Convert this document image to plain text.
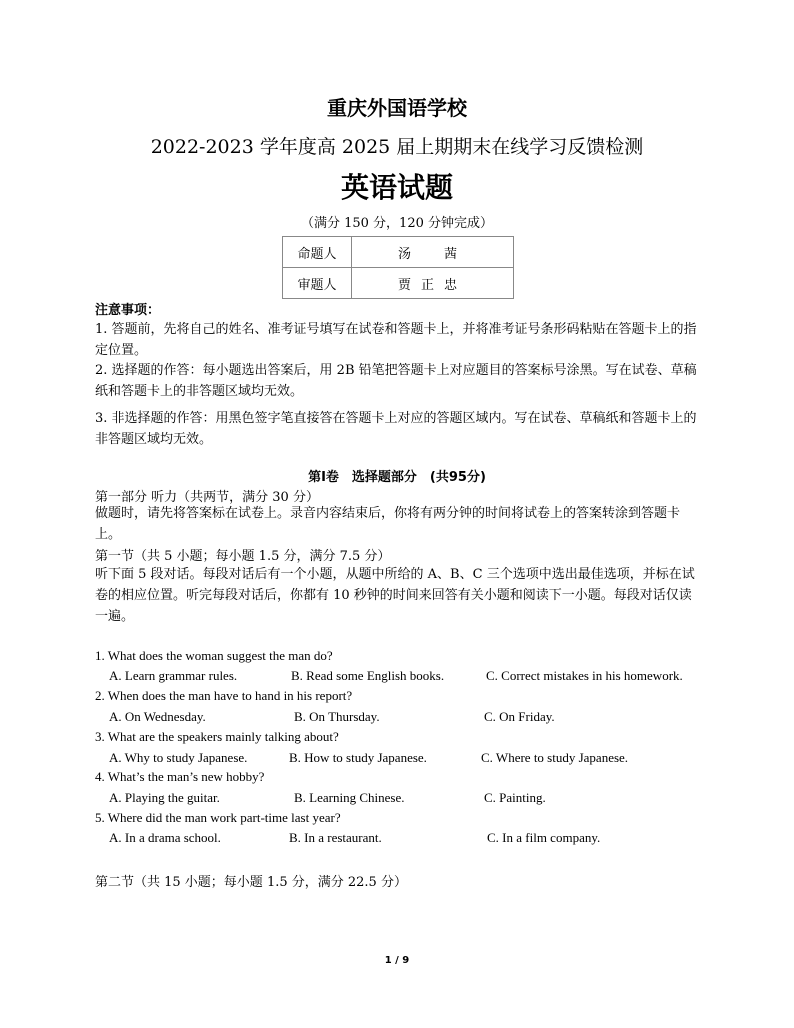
重庆外国语学校
2022-2023 学年度高 2025 届上期期末在线学习反馈检测
英语试题
（满分 150 分，120 分钟完成）
命题人	汤　茜
审题人	贾正忠
注意事项：
1. 答题前，先将自己的姓名、准考证号填写在试卷和答题卡上，并将准考证号条形码粘贴在答题卡上的指定位置。
2. 选择题的作答：每小题选出答案后，用 2B 铅笔把答题卡上对应题目的答案标号涂黑。写在试卷、草稿纸和答题卡上的非答题区域均无效。
3. 非选择题的作答：用黑色签字笔直接答在答题卡上对应的答题区域内。写在试卷、草稿纸和答题卡上的非答题区域均无效。
第Ⅰ卷　选择题部分　(共95分)
第一部分 听力（共两节，满分 30 分）
做题时，请先将答案标在试卷上。录音内容结束后，你将有两分钟的时间将试卷上的答案转涂到答题卡上。
第一节（共 5 小题；每小题 1.5 分，满分 7.5 分）
听下面 5 段对话。每段对话后有一个小题，从题中所给的 A、B、C 三个选项中选出最佳选项，并标在试卷的相应位置。听完每段对话后，你都有 10 秒钟的时间来回答有关小题和阅读下一小题。每段对话仅读一遍。
1. What does the woman suggest the man do?
A. Learn grammar rules.	B. Read some English books.	C. Correct mistakes in his homework.
2. When does the man have to hand in his report?
A. On Wednesday.	B. On Thursday.	C. On Friday.
3. What are the speakers mainly talking about?
A. Why to study Japanese.	B. How to study Japanese.	C. Where to study Japanese.
4. What’s the man’s new hobby?
A. Playing the guitar.	B. Learning Chinese.	C. Painting.
5. Where did the man work part-time last year?
A. In a drama school.	B. In a restaurant.	C. In a film company.
第二节（共 15 小题；每小题 1.5 分，满分 22.5 分）
1 / 9
